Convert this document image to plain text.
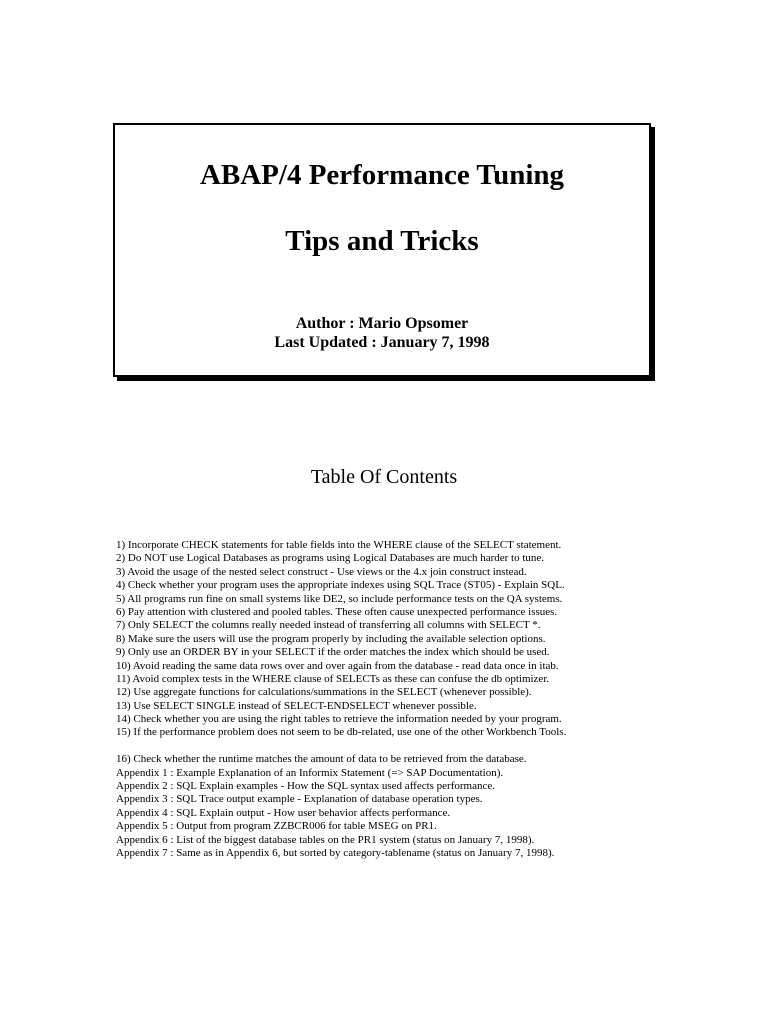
ABAP/4 Performance Tuning
Tips and Tricks
Author : Mario Opsomer
Last Updated : January 7, 1998
Table Of Contents
1) Incorporate CHECK statements for table fields into the WHERE clause of the SELECT statement.
2) Do NOT use Logical Databases as programs using Logical Databases are much harder to tune.
3) Avoid the usage of the nested select construct - Use views or the 4.x join construct instead.
4) Check whether your program uses the appropriate indexes using SQL Trace (ST05) - Explain SQL.
5) All programs run fine on small systems like DE2, so include performance tests on the QA systems.
6) Pay attention with clustered and pooled tables. These often cause unexpected performance issues.
7) Only SELECT the columns really needed instead of transferring all columns with SELECT *.
8) Make sure the users will use the program properly by including the available selection options.
9) Only use an ORDER BY in your SELECT if the order matches the index which should be used.
10) Avoid reading the same data rows over and over again from the database - read data once in itab.
11) Avoid complex tests in the WHERE clause of SELECTs as these can confuse the db optimizer.
12) Use aggregate functions for calculations/summations in the SELECT (whenever possible).
13) Use SELECT SINGLE instead of SELECT-ENDSELECT whenever possible.
14) Check whether you are using the right tables to retrieve the information needed by your program.
15) If the performance problem does not seem to be db-related, use one of the other Workbench Tools.
16) Check whether the runtime matches the amount of data to be retrieved from the database.
Appendix 1 : Example Explanation of an Informix Statement (=> SAP Documentation).
Appendix 2 : SQL Explain examples - How the SQL syntax used affects performance.
Appendix 3 : SQL Trace output example - Explanation of database operation types.
Appendix 4 : SQL Explain output - How user behavior affects performance.
Appendix 5 : Output from program ZZBCR006 for table MSEG on PR1.
Appendix 6 : List of the biggest database tables on the PR1 system (status on January 7, 1998).
Appendix 7 : Same as in Appendix 6, but sorted by category-tablename (status on January 7, 1998).
